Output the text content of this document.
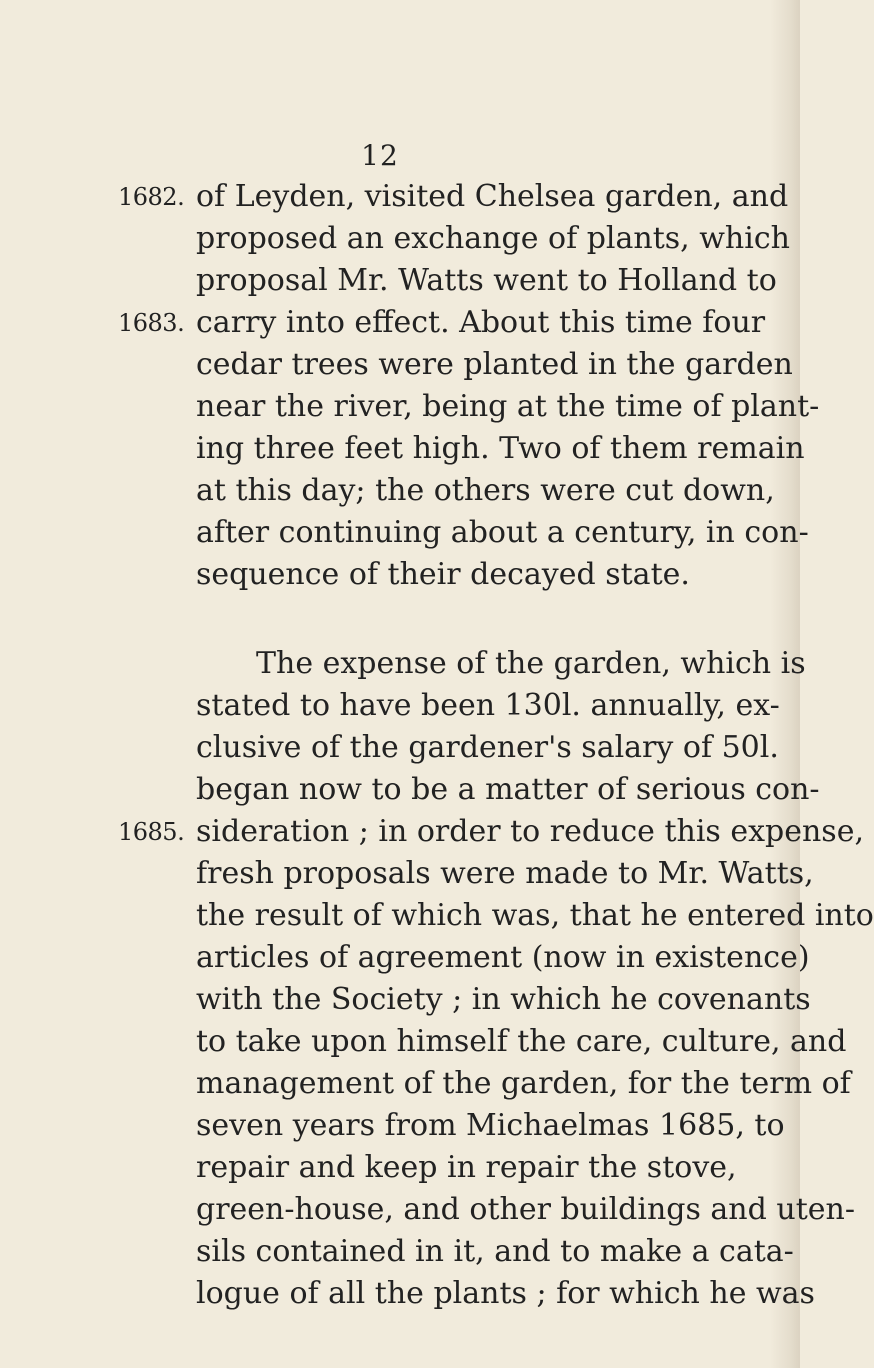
12
1682. of Leyden, visited Chelsea garden, and
proposed an exchange of plants, which
proposal Mr. Watts went to Holland to
1683. carry into effect. About this time four
cedar trees were planted in the garden
near the river, being at the time of plant-
ing three feet high. Two of them remain
at this day; the others were cut down,
after continuing about a century, in con-
sequence of their decayed state.
The expense of the garden, which is
stated to have been 130l. annually, ex-
clusive of the gardener's salary of 50l.
began now to be a matter of serious con-
1685. sideration ; in order to reduce this expense,
fresh proposals were made to Mr. Watts,
the result of which was, that he entered into
articles of agreement (now in existence)
with the Society ; in which he covenants
to take upon himself the care, culture, and
management of the garden, for the term of
seven years from Michaelmas 1685, to
repair and keep in repair the stove,
green-house, and other buildings and uten-
sils contained in it, and to make a cata-
logue of all the plants ; for which he was
